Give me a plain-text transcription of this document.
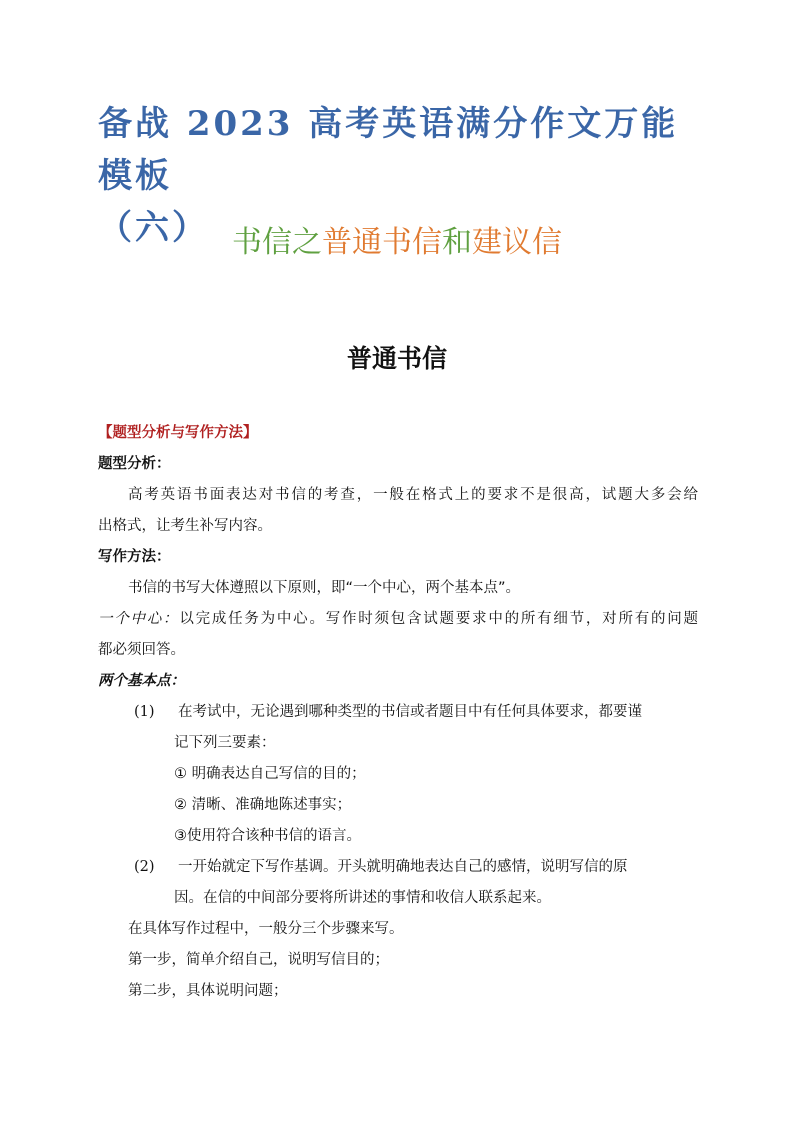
备战 2023 高考英语满分作文万能模板
（六） 书信之普通书信和建议信
普通书信
【题型分析与写作方法】
题型分析：
高考英语书面表达对书信的考查，一般在格式上的要求不是很高，试题大多会给
出格式，让考生补写内容。
写作方法：
书信的书写大体遵照以下原则，即“一个中心，两个基本点”。
一个中心：以完成任务为中心。写作时须包含试题要求中的所有细节，对所有的问题
都必须回答。
两个基本点：
(1) 在考试中，无论遇到哪种类型的书信或者题目中有任何具体要求，都要谨
记下列三要素：
① 明确表达自己写信的目的；
② 清晰、准确地陈述事实；
③使用符合该种书信的语言。
(2) 一开始就定下写作基调。开头就明确地表达自己的感情，说明写信的原
因。在信的中间部分要将所讲述的事情和收信人联系起来。
在具体写作过程中，一般分三个步骤来写。
第一步，简单介绍自己，说明写信目的；
第二步，具体说明问题；
